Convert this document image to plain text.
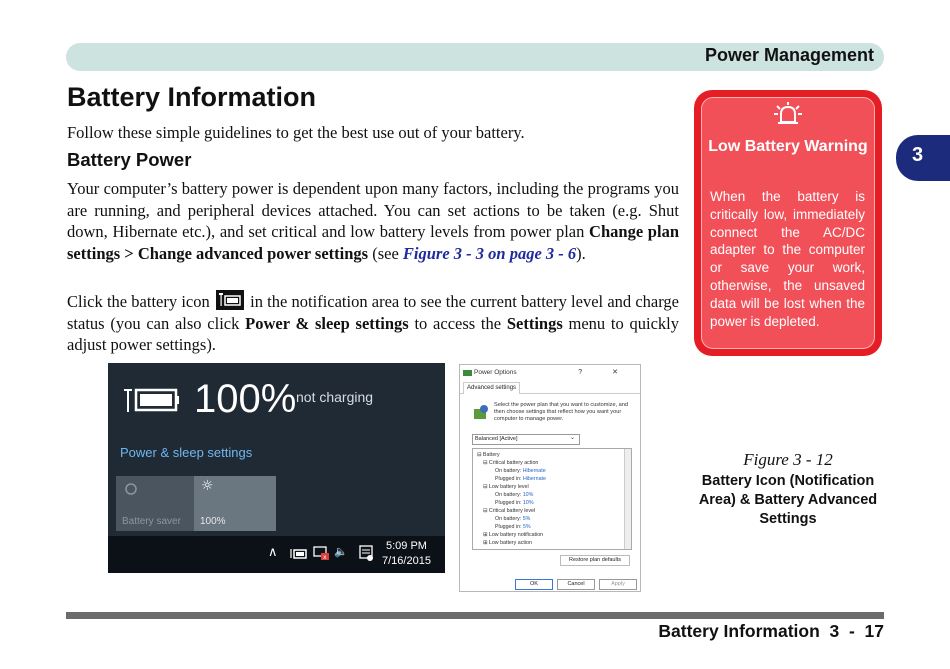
Power Management
3
Battery Information
Follow these simple guidelines to get the best use out of your battery.
Battery Power
Your computer’s battery power is dependent upon many factors, including the programs you are running, and peripheral devices attached. You can set actions to be taken (e.g. Shut down, Hibernate etc.), and set critical and low battery levels from power plan Change plan settings > Change advanced power settings (see Figure 3 - 3 on page 3 - 6).
Click the battery icon  in the notification area to see the current battery level and charge status (you can also click Power & sleep settings to access the Settings menu to quickly adjust power settings).
Low Battery Warning
When the battery is critically low, immediately connect the AC/DC adapter to the computer or save your work, otherwise, the unsaved data will be lost when the power is depleted.
100% not charging
Power & sleep settings
Battery saver
☼
100%
∧	x 🔈	5:09 PM
7/16/2015
Power Options	? ✕
Advanced settings
Select the power plan that you want to customize, and then choose settings that reflect how you want your computer to manage power.
Balanced [Active]	⌄
⊟ Battery
⊟ Critical battery action
On battery: Hibernate
Plugged in: Hibernate
⊟ Low battery level
On battery: 10%
Plugged in: 10%
⊟ Critical battery level
On battery: 5%
Plugged in: 5%
⊞ Low battery notification
⊞ Low battery action
Restore plan defaults
OK	Cancel	Apply
Figure 3 - 12
Battery Icon (Notification Area) & Battery Advanced Settings
Battery Information  3  -  17
